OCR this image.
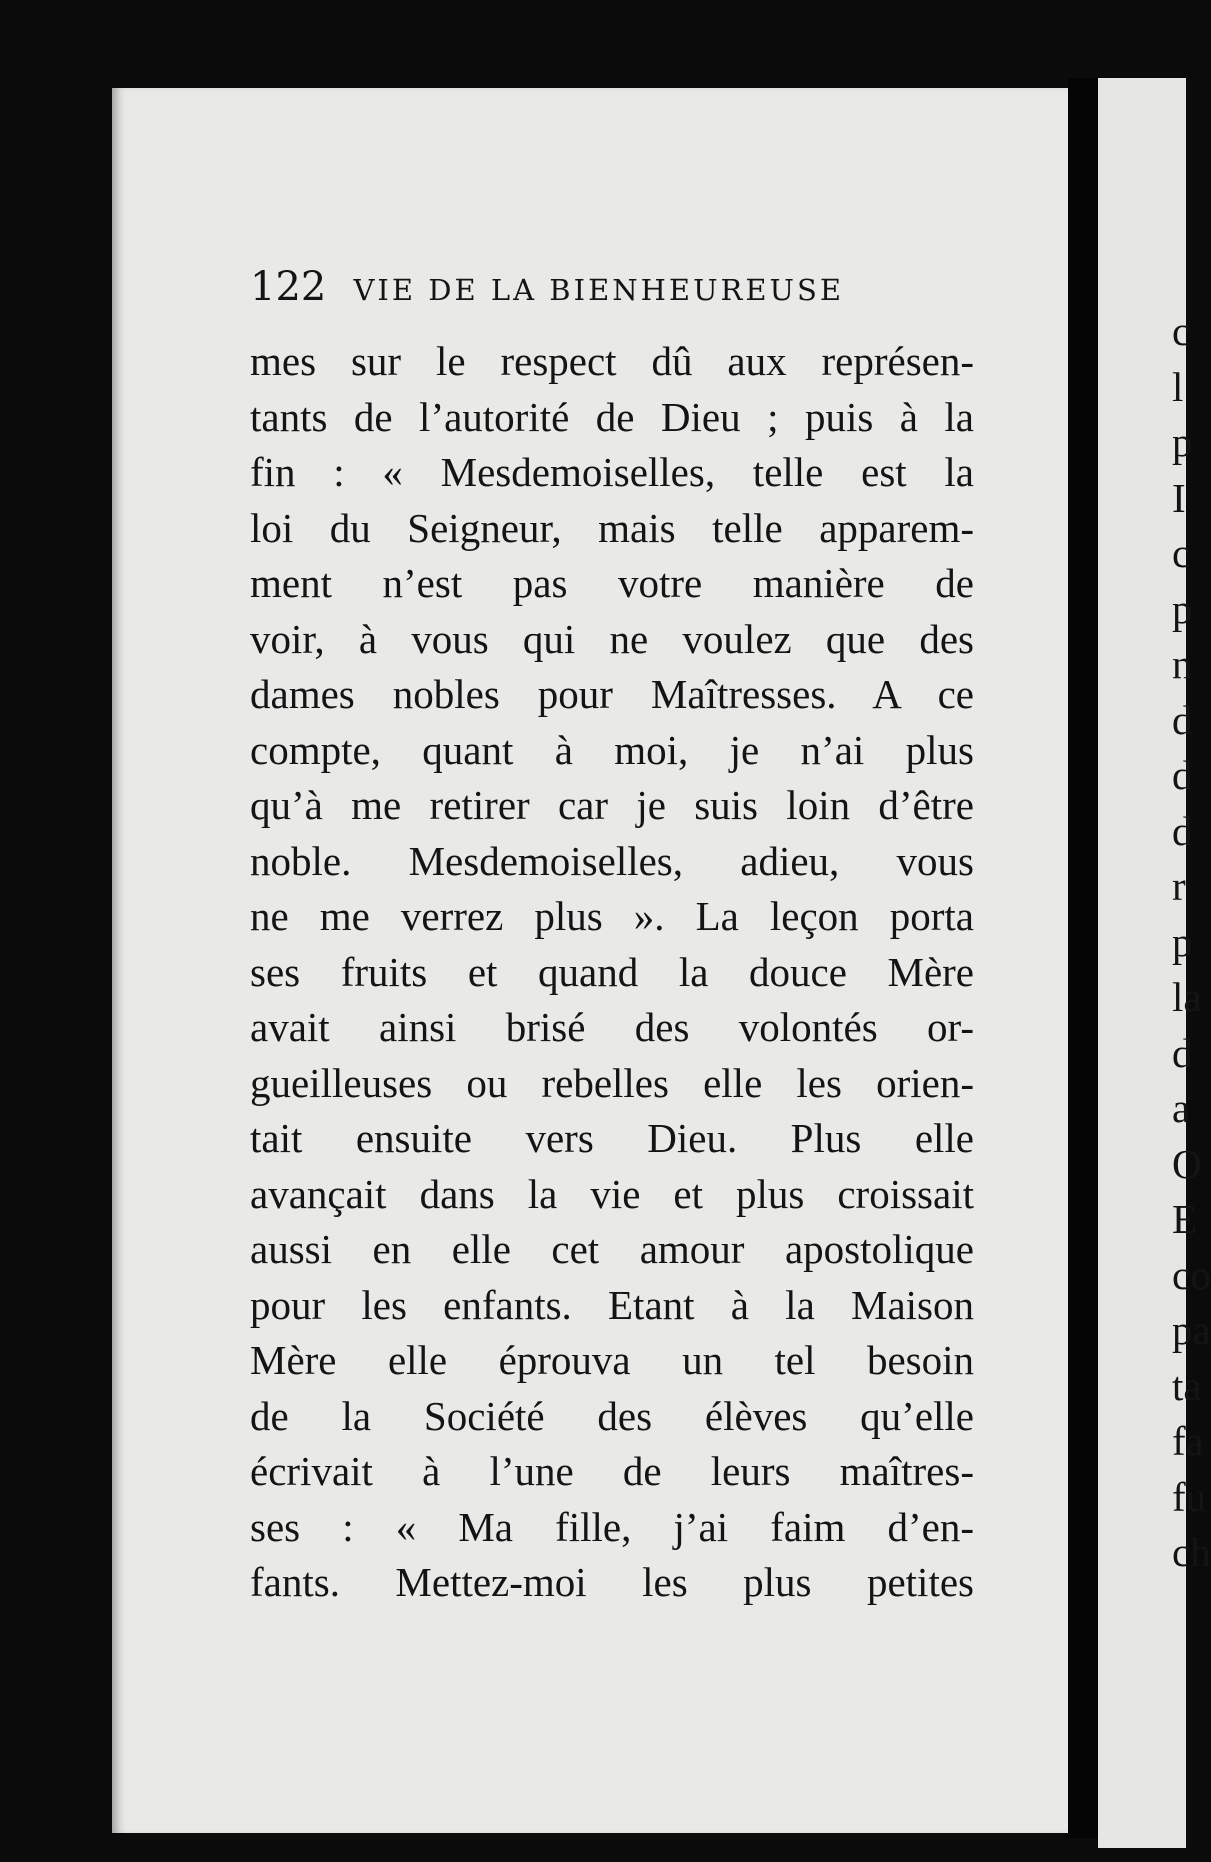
122 VIE DE LA BIENHEUREUSE
mes sur le respect dû aux représen-
tants de l’autorité de Dieu ; puis à la
fin : « Mesdemoiselles, telle est la
loi du Seigneur, mais telle apparem-
ment n’est pas votre manière de
voir, à vous qui ne voulez que des
dames nobles pour Maîtresses. A ce
compte, quant à moi, je n’ai plus
qu’à me retirer car je suis loin d’être
noble. Mesdemoiselles, adieu, vous
ne me verrez plus ». La leçon porta
ses fruits et quand la douce Mère
avait ainsi brisé des volontés or-
gueilleuses ou rebelles elle les orien-
tait ensuite vers Dieu. Plus elle
avançait dans la vie et plus croissait
aussi en elle cet amour apostolique
pour les enfants. Etant à la Maison
Mère elle éprouva un tel besoin
de la Société des élèves qu’elle
écrivait à l’une de leurs maîtres-
ses : « Ma fille, j’ai faim d’en-
fants. Mettez-moi les plus petites
c
l
p
I
c
p
n
d
d
d
r
p
la
d
a
O
E
co
pa
ta
fa
fu
ch
